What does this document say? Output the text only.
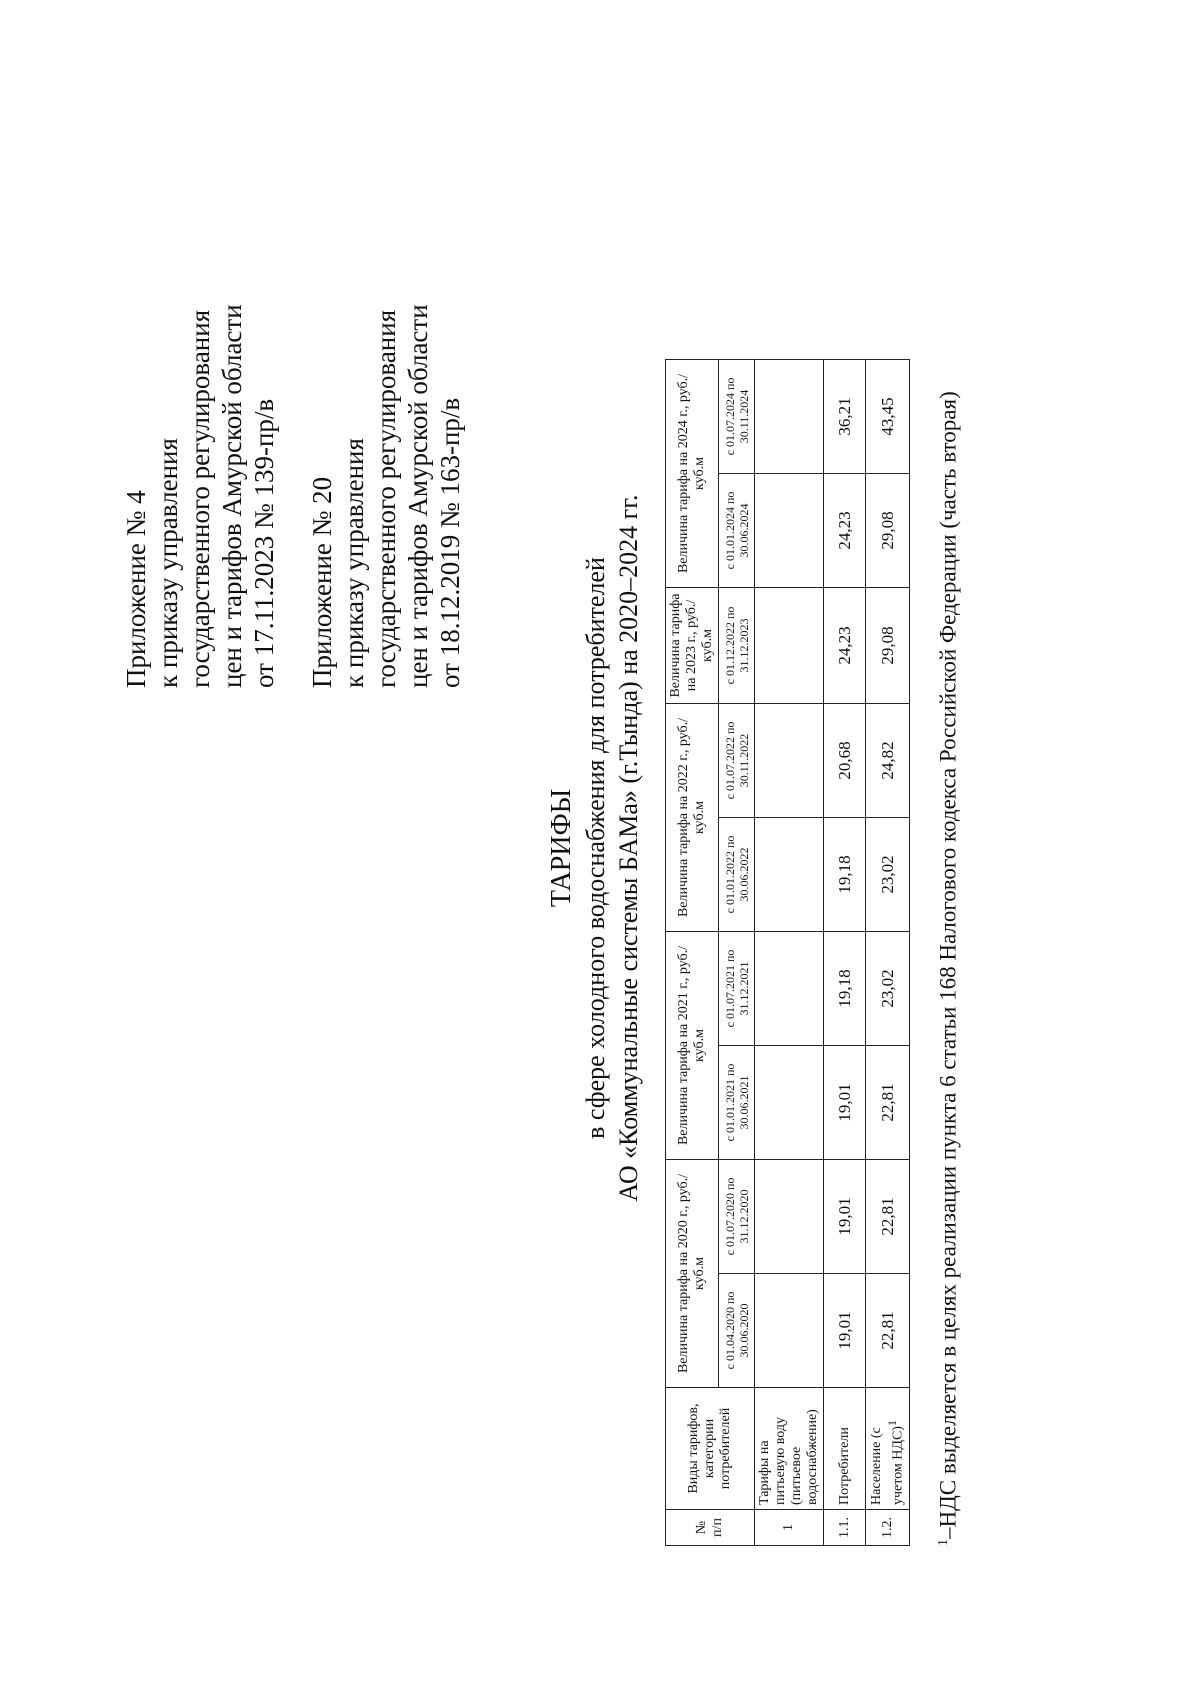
Приложение № 4 к приказу управления государственного регулирования цен и тарифов Амурской области от 17.11.2023 № 139-пр/в Приложение № 20 к приказу управления государственного регулирования цен и тарифов Амурской области от 18.12.2019 № 163-пр/в
ТАРИФЫ в сфере холодного водоснабжения для потребителей АО «Коммунальные системы БАМа» (г.Тында) на 2020–2024 гг.
№ п/п	Виды тарифов, категории потребителей	Величина тарифа на 2020 г., руб./куб.м		Величина тарифа на 2021 г., руб./куб.м		Величина тарифа на 2022 г., руб./куб.м		Величина тарифа на 2023 г., руб./куб.м	Величина тарифа на 2024 г., руб./куб.м	
		с 01.04.2020 по 30.06.2020	с 01.07.2020 по 31.12.2020	с 01.01.2021 по 30.06.2021	с 01.07.2021 по 31.12.2021	с 01.01.2022 по 30.06.2022	с 01.07.2022 по 30.11.2022	с 01.12.2022 по 31.12.2023	с 01.01.2024 по 30.06.2024	с 01.07.2024 по 30.11.2024
1	Тарифы на питьевую воду (питьевое водоснабжение)									
1.1.	Потребители	19,01	19,01	19,01	19,18	19,18	20,68	24,23	24,23	36,21
1.2.	Население (с учетом НДС)$^1$	22,81	22,81	22,81	23,02	23,02	24,82	29,08	29,08	43,45
$^1$–НДС выделяется в целях реализации пункта 6 статьи 168 Налогового кодекса Российской Федерации (часть вторая)
